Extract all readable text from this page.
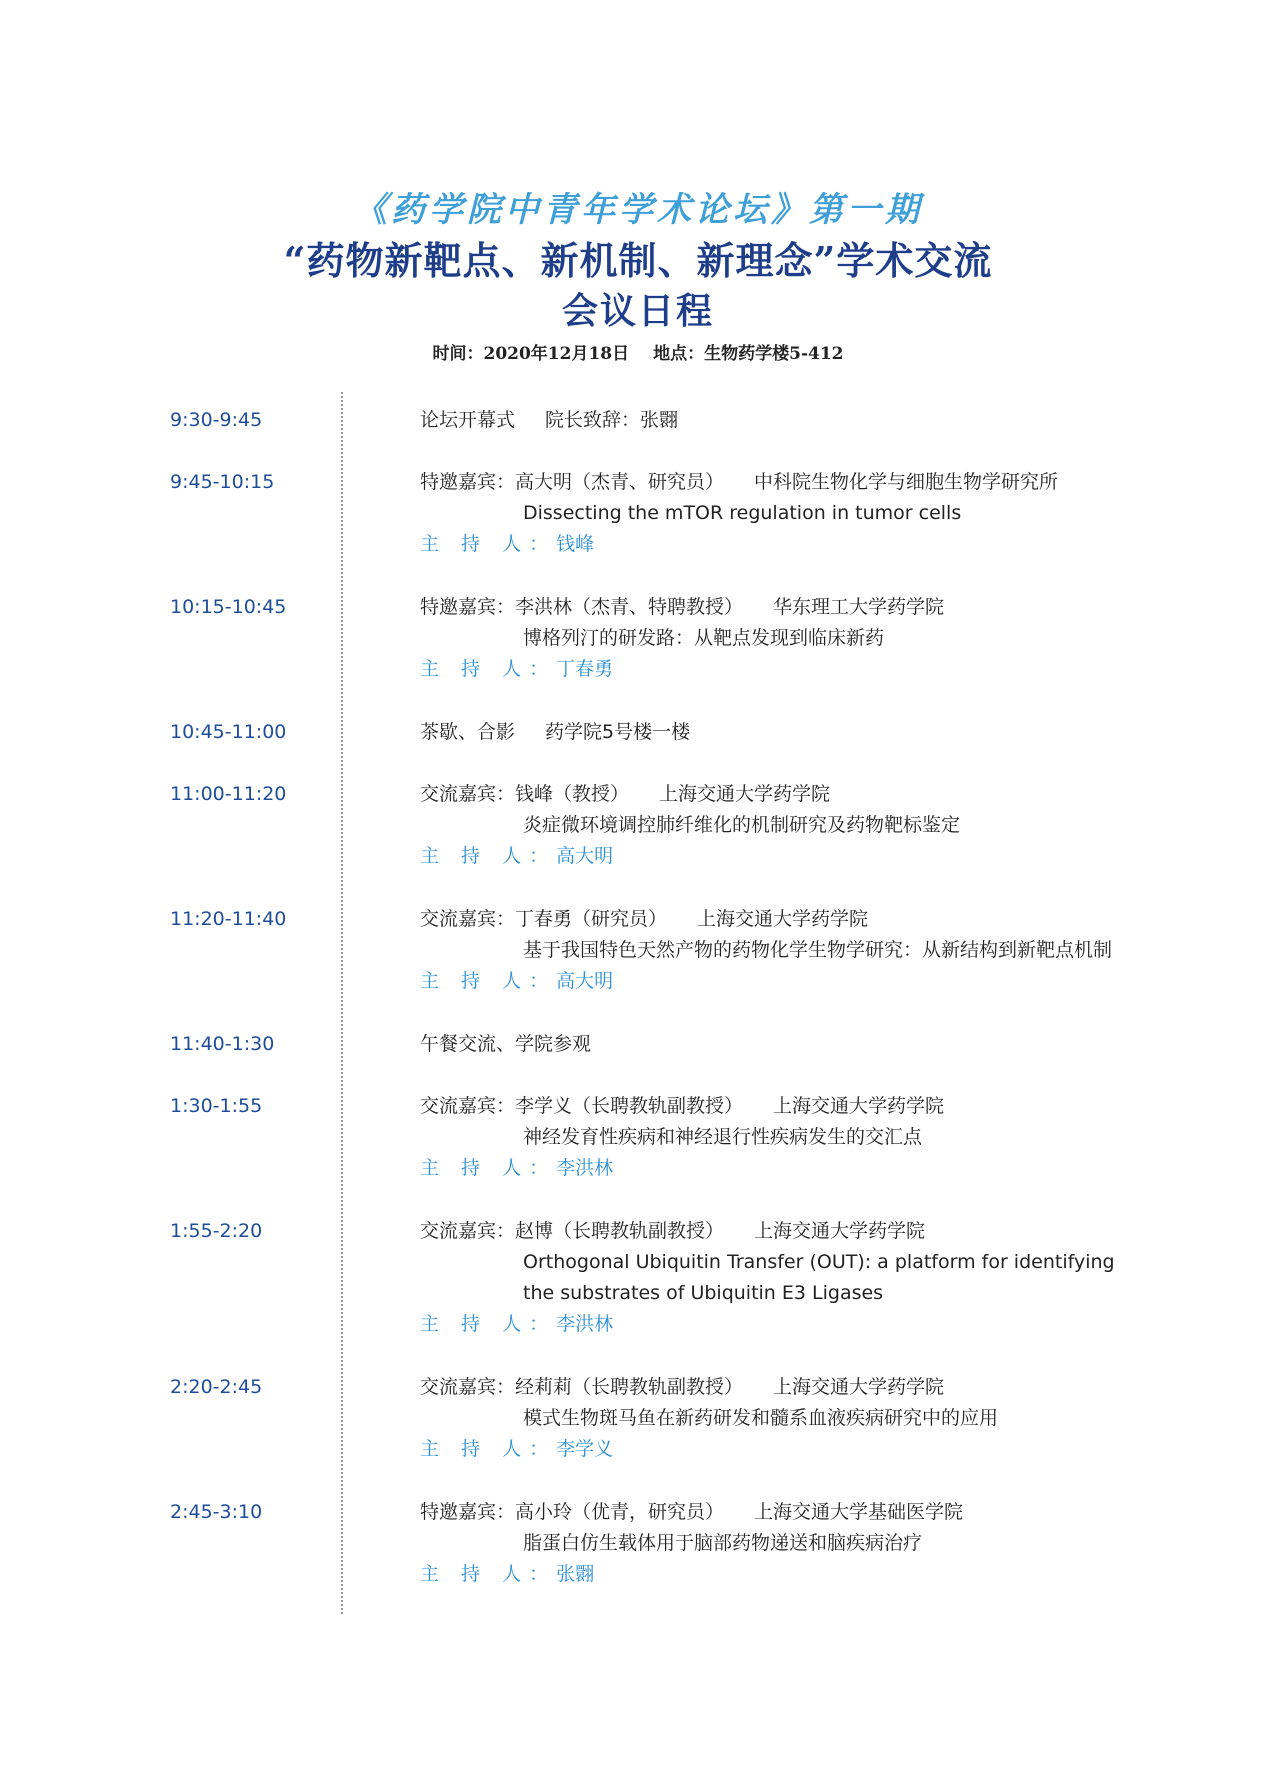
《药学院中青年学术论坛》第一期
“药物新靶点、新机制、新理念”学术交流
会议日程
时间：2020年12月18日 地点：生物药学楼5-412
9:30-9:45	论坛开幕式 院长致辞：张翾
9:45-10:15	特邀嘉宾：高大明（杰青、研究员） 中科院生物化学与细胞生物学研究所
Dissecting the mTOR regulation in tumor cells
主 持 人：钱峰
10:15-10:45	特邀嘉宾：李洪林（杰青、特聘教授） 华东理工大学药学院
博格列汀的研发路：从靶点发现到临床新药
主 持 人：丁春勇
10:45-11:00	茶歇、合影 药学院5号楼一楼
11:00-11:20	交流嘉宾：钱峰（教授） 上海交通大学药学院
炎症微环境调控肺纤维化的机制研究及药物靶标鉴定
主 持 人：高大明
11:20-11:40	交流嘉宾：丁春勇（研究员） 上海交通大学药学院
基于我国特色天然产物的药物化学生物学研究：从新结构到新靶点机制
主 持 人：高大明
11:40-1:30	午餐交流、学院参观
1:30-1:55	交流嘉宾：李学义（长聘教轨副教授） 上海交通大学药学院
神经发育性疾病和神经退行性疾病发生的交汇点
主 持 人：李洪林
1:55-2:20	交流嘉宾：赵博（长聘教轨副教授） 上海交通大学药学院
Orthogonal Ubiquitin Transfer (OUT): a platform for identifying
the substrates of Ubiquitin E3 Ligases
主 持 人：李洪林
2:20-2:45	交流嘉宾：经莉莉（长聘教轨副教授） 上海交通大学药学院
模式生物斑马鱼在新药研发和髓系血液疾病研究中的应用
主 持 人：李学义
2:45-3:10	特邀嘉宾：高小玲（优青，研究员） 上海交通大学基础医学院
脂蛋白仿生载体用于脑部药物递送和脑疾病治疗
主 持 人：张翾
